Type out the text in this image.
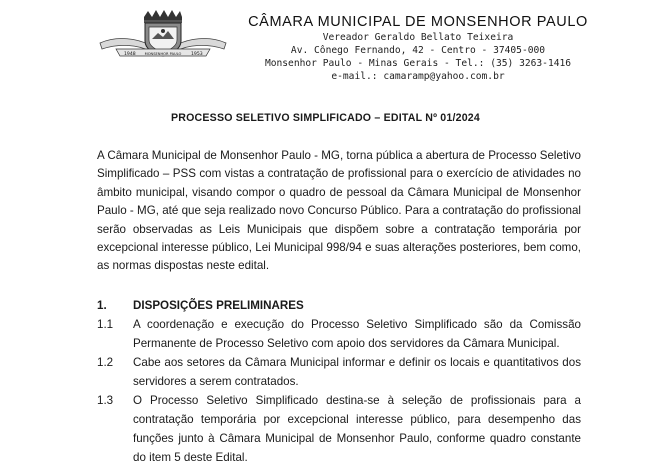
1948 MONSENHOR PAULO 1953
CÂMARA MUNICIPAL DE MONSENHOR PAULO
Vereador Geraldo Bellato Teixeira
Av. Cônego Fernando, 42 - Centro - 37405-000
Monsenhor Paulo - Minas Gerais - Tel.: (35) 3263-1416
e-mail.: camaramp@yahoo.com.br
PROCESSO SELETIVO SIMPLIFICADO – EDITAL Nº 01/2024
A Câmara Municipal de Monsenhor Paulo - MG, torna pública a abertura de Processo Seletivo Simplificado – PSS com vistas a contratação de profissional para o exercício de atividades no âmbito municipal, visando compor o quadro de pessoal da Câmara Municipal de Monsenhor Paulo - MG, até que seja realizado novo Concurso Público. Para a contratação do profissional serão observadas as Leis Municipais que dispõem sobre a contratação temporária por excepcional interesse público, Lei Municipal 998/94 e suas alterações posteriores, bem como, as normas dispostas neste edital.
1.	DISPOSIÇÕES PRELIMINARES
1.1	A coordenação e execução do Processo Seletivo Simplificado são da Comissão Permanente de Processo Seletivo com apoio dos servidores da Câmara Municipal.
1.2	Cabe aos setores da Câmara Municipal informar e definir os locais e quantitativos dos servidores a serem contratados.
1.3	O Processo Seletivo Simplificado destina-se à seleção de profissionais para a contratação temporária por excepcional interesse público, para desempenho das funções junto à Câmara Municipal de Monsenhor Paulo, conforme quadro constante do item 5 deste Edital.
